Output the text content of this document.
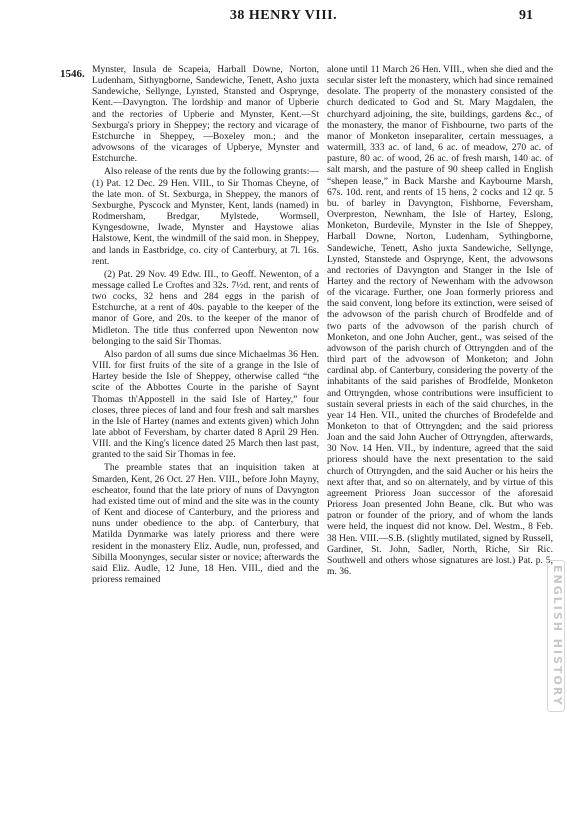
38 HENRY VIII.	91
1546. Mynster, Insula de Scapeia, Harball Downe, Norton, Ludenham, Sithyngborne, Sandewiche, Tenett, Asho juxta Sandewiche, Sellynge, Lynsted, Stansted and Osprynge, Kent.—Davyngton. The lordship and manor of Upberie and the rectories of Upberie and Mynster, Kent.—St Sexburga's priory in Sheppey; the rectory and vicarage of Estchurche in Sheppey, —Boxeley mon.; and the advowsons of the vicarages of Upberye, Mynster and Estchurche.

Also release of the rents due by the following grants:—(1) Pat. 12 Dec. 29 Hen. VIII., to Sir Thomas Cheyne, of the late mon. of St. Sexburga, in Sheppey, the manors of Sexburghe, Pyscock and Mynster, Kent, lands (named) in Rodmersham, Bredgar, Mylstede, Wormsell, Kyngesdowne, Iwade, Mynster and Haystowe alias Halstowe, Kent, the windmill of the said mon. in Sheppey, and lands in Eastbridge, co. city of Canterbury, at 7l. 16s. rent.

(2) Pat. 29 Nov. 49 Edw. III., to Geoff. Newenton, of a message called Le Croftes and 32s. 7½d. rent, and rents of two cocks, 32 hens and 284 eggs in the parish of Estchurche, at a rent of 40s. payable to the keeper of the manor of Gore, and 20s. to the keeper of the manor of Midleton. The title thus conferred upon Newenton now belonging to the said Sir Thomas.

Also pardon of all sums due since Michaelmas 36 Hen. VIII. for first fruits of the site of a grange in the Isle of Hartey beside the Isle of Sheppey, otherwise called “the scite of the Abbottes Courte in the parishe of Saynt Thomas th'Appostell in the said Isle of Hartey,” four closes, three pieces of land and four fresh and salt marshes in the Isle of Hartey (names and extents given) which John late abbot of Feversham, by charter dated 8 April 29 Hen. VIII. and the King's licence dated 25 March then last past, granted to the said Sir Thomas in fee.

The preamble states that an inquisition taken at Smarden, Kent, 26 Oct. 27 Hen. VIII., before John Mayny, escheator, found that the late priory of nuns of Davyngton had existed time out of mind and the site was in the county of Kent and diocese of Canterbury, and the prioress and nuns under obedience to the abp. of Canterbury, that Matilda Dynmarke was lately prioress and there were resident in the monastery Eliz. Audle, nun, professed, and Sibilla Moonynges, secular sister or novice; afterwards the said Eliz. Audle, 12 June, 18 Hen. VIII., died and the prioress remained

alone until 11 March 26 Hen. VIII., when she died and the secular sister left the monastery, which had since remained desolate. The property of the monastery consisted of the church dedicated to God and St. Mary Magdalen, the churchyard adjoining, the site, buildings, gardens &c., of the monastery, the manor of Fishbourne, two parts of the manor of Monketon inseparaliter, certain messuages, a watermill, 333 ac. of land, 6 ac. of meadow, 270 ac. of pasture, 80 ac. of wood, 26 ac. of fresh marsh, 140 ac. of salt marsh, and the pasture of 90 sheep called in English “shepen lease,” in Back Marshe and Kaybourne Marsh, 67s. 10d. rent, and rents of 15 hens, 2 cocks and 12 qr. 5 bu. of barley in Davyngton, Fishborne, Feversham, Overpreston, Newnham, the Isle of Hartey, Eslong, Monketon, Burdevile, Mynster in the Isle of Sheppey, Harball Downe, Norton, Ludenham, Sythingborne, Sandewiche, Tenett, Asho juxta Sandewiche, Sellynge, Lynsted, Stanstede and Osprynge, Kent, the advowsons and rectories of Davyngton and Stanger in the Isle of Hartey and the rectory of Newenham with the advowson of the vicarage. Further, one Joan formerly prioress and the said convent, long before its extinction, were seised of the advowson of the parish church of Brodfelde and of two parts of the advowson of the parish church of Monketon, and one John Aucher, gent., was seised of the advowson of the parish church of Ottryngden and of the third part of the advowson of Monketon; and John cardinal abp. of Canterbury, considering the poverty of the inhabitants of the said parishes of Brodfelde, Monketon and Ottryngden, whose contributions were insufficient to sustain several priests in each of the said churches, in the year 14 Hen. VII., united the churches of Brodefelde and Monketon to that of Ottryngden; and the said prioress Joan and the said John Aucher of Ottryngden, afterwards, 30 Nov. 14 Hen. VII., by indenture, agreed that the said prioress should have the next presentation to the said church of Ottryngden, and the said Aucher or his heirs the next after that, and so on alternately, and by virtue of this agreement Prioress Joan successor of the aforesaid Prioress Joan presented John Beane, clk. But who was patron or founder of the priory, and of whom the lands were held, the inquest did not know. Del. Westm., 8 Feb. 38 Hen. VIII.—S.B. (slightly mutilated, signed by Russell, Gardiner, St. John, Sadler, North, Riche, Sir Ric. Southwell and others whose signatures are lost.) Pat. p. 5, m. 36.	ENGLISH HISTORY
